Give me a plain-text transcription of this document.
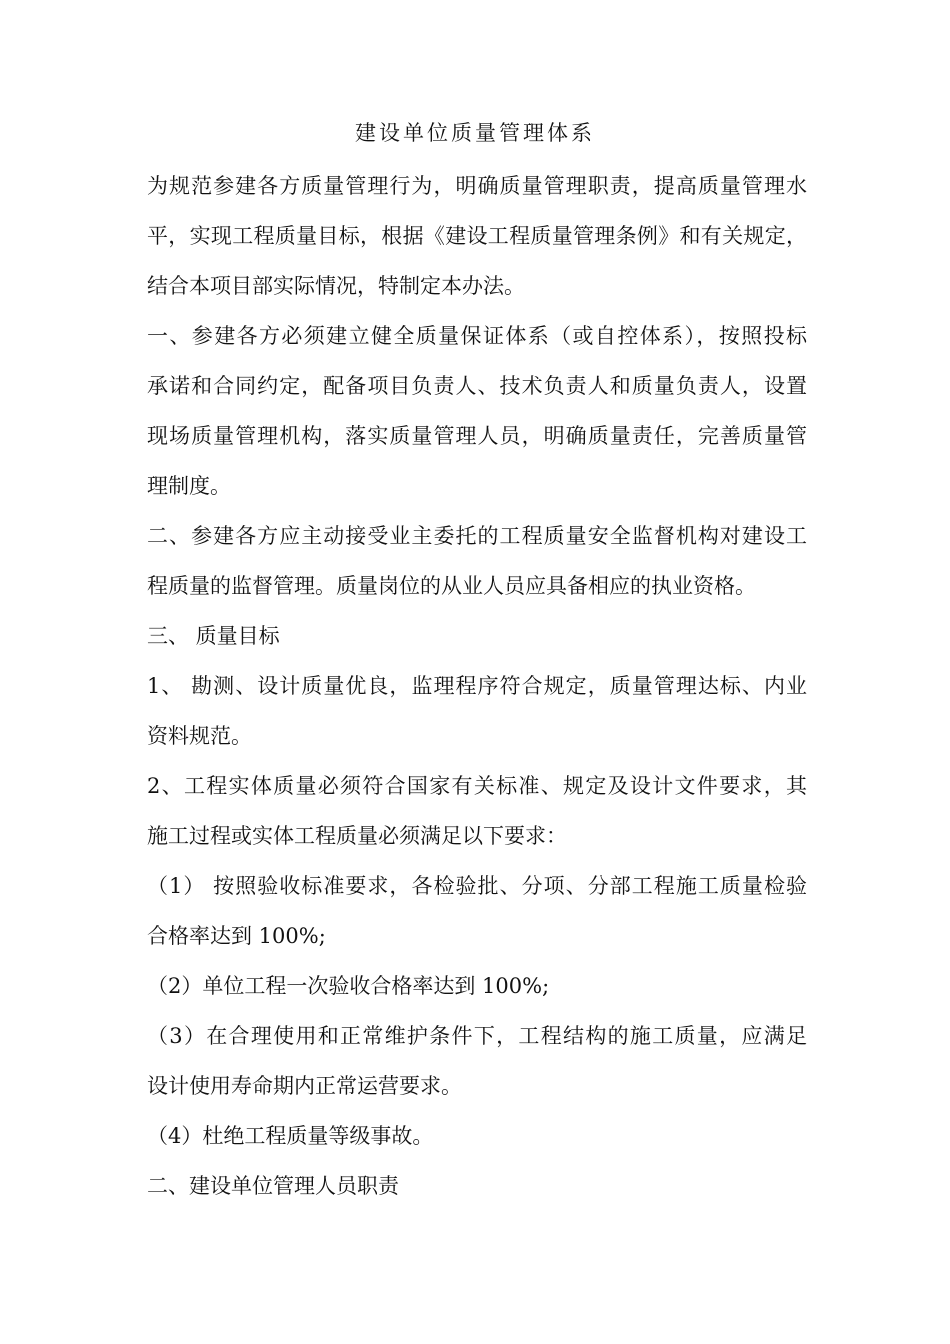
建设单位质量管理体系
为规范参建各方质量管理行为，明确质量管理职责，提高质量管理水
平，实现工程质量目标，根据《建设工程质量管理条例》和有关规定，
结合本项目部实际情况，特制定本办法。
一、参建各方必须建立健全质量保证体系（或自控体系），按照投标
承诺和合同约定，配备项目负责人、技术负责人和质量负责人，设置
现场质量管理机构，落实质量管理人员，明确质量责任，完善质量管
理制度。
二、参建各方应主动接受业主委托的工程质量安全监督机构对建设工
程质量的监督管理。质量岗位的从业人员应具备相应的执业资格。
三、 质量目标
1、 勘测、设计质量优良，监理程序符合规定，质量管理达标、内业
资料规范。
2、工程实体质量必须符合国家有关标准、规定及设计文件要求，其
施工过程或实体工程质量必须满足以下要求：
（1） 按照验收标准要求，各检验批、分项、分部工程施工质量检验
合格率达到 100%;
（2）单位工程一次验收合格率达到 100%;
（3）在合理使用和正常维护条件下，工程结构的施工质量，应满足
设计使用寿命期内正常运营要求。
（4）杜绝工程质量等级事故。
二、建设单位管理人员职责
